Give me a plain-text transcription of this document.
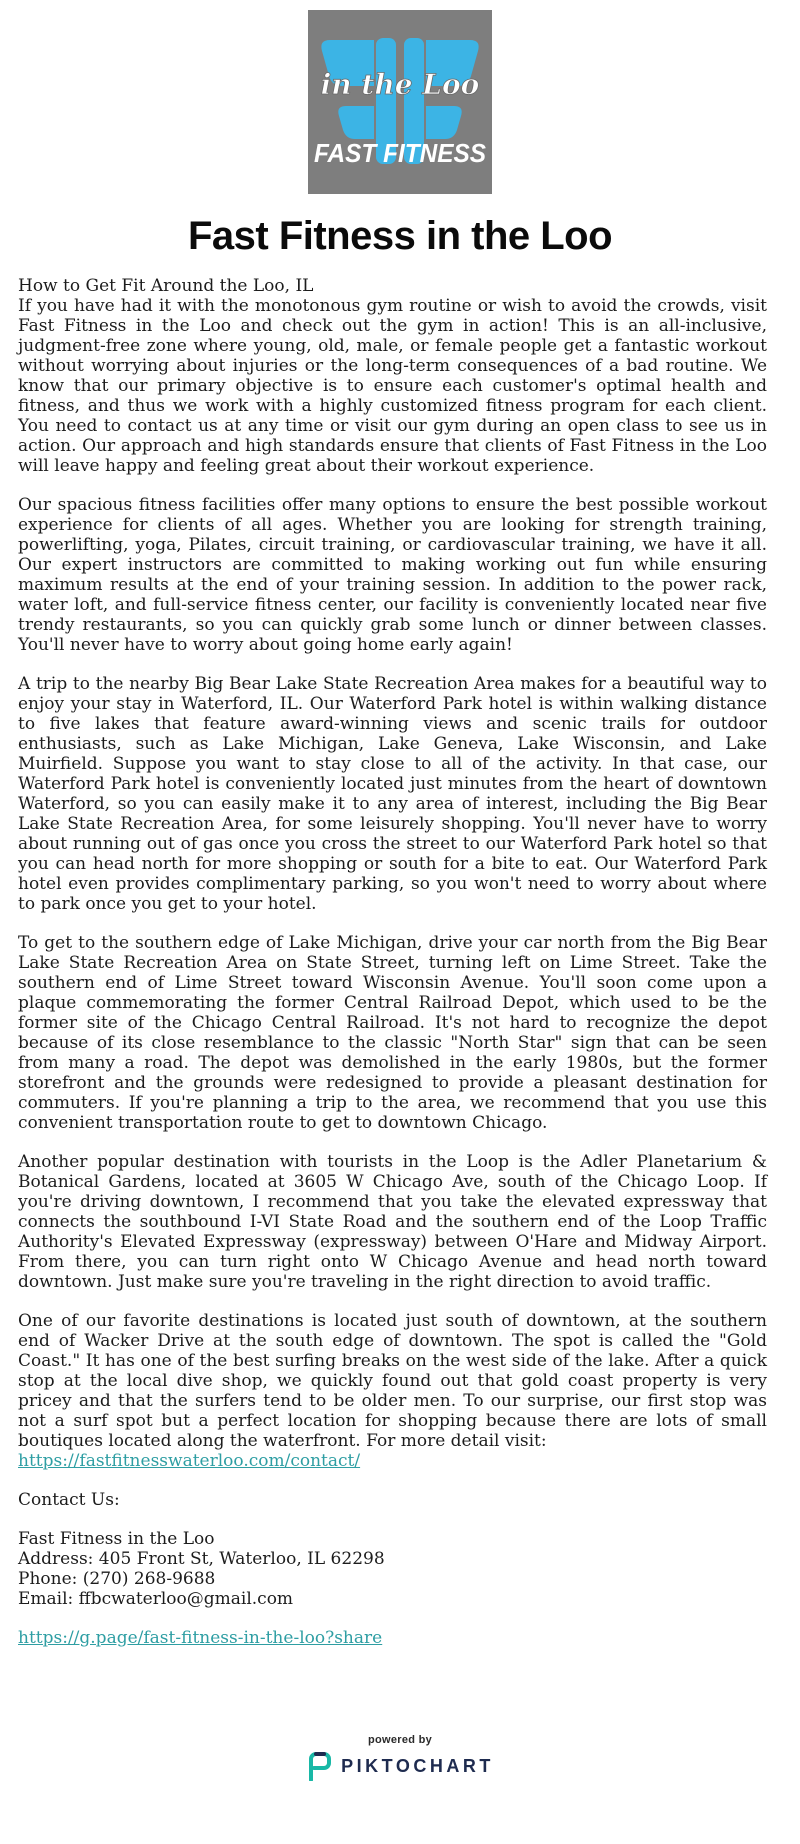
in the Loo
FAST FITNESS
Fast Fitness in the Loo
How to Get Fit Around the Loo, IL

If you have had it with the monotonous gym routine or wish to avoid the crowds, visit Fast Fitness in the Loo and check out the gym in action! This is an all-inclusive, judgment-free zone where young, old, male, or female people get a fantastic workout without worrying about injuries or the long-term consequences of a bad routine. We know that our primary objective is to ensure each customer's optimal health and fitness, and thus we work with a highly customized fitness program for each client. You need to contact us at any time or visit our gym during an open class to see us in action. Our approach and high standards ensure that clients of Fast Fitness in the Loo will leave happy and feeling great about their workout experience.

Our spacious fitness facilities offer many options to ensure the best possible workout experience for clients of all ages. Whether you are looking for strength training, powerlifting, yoga, Pilates, circuit training, or cardiovascular training, we have it all. Our expert instructors are committed to making working out fun while ensuring maximum results at the end of your training session. In addition to the power rack, water loft, and full-service fitness center, our facility is conveniently located near five trendy restaurants, so you can quickly grab some lunch or dinner between classes. You'll never have to worry about going home early again!

A trip to the nearby Big Bear Lake State Recreation Area makes for a beautiful way to enjoy your stay in Waterford, IL. Our Waterford Park hotel is within walking distance to five lakes that feature award-winning views and scenic trails for outdoor enthusiasts, such as Lake Michigan, Lake Geneva, Lake Wisconsin, and Lake Muirfield. Suppose you want to stay close to all of the activity. In that case, our Waterford Park hotel is conveniently located just minutes from the heart of downtown Waterford, so you can easily make it to any area of interest, including the Big Bear Lake State Recreation Area, for some leisurely shopping. You'll never have to worry about running out of gas once you cross the street to our Waterford Park hotel so that you can head north for more shopping or south for a bite to eat. Our Waterford Park hotel even provides complimentary parking, so you won't need to worry about where to park once you get to your hotel.

To get to the southern edge of Lake Michigan, drive your car north from the Big Bear Lake State Recreation Area on State Street, turning left on Lime Street. Take the southern end of Lime Street toward Wisconsin Avenue. You'll soon come upon a plaque commemorating the former Central Railroad Depot, which used to be the former site of the Chicago Central Railroad. It's not hard to recognize the depot because of its close resemblance to the classic "North Star" sign that can be seen from many a road. The depot was demolished in the early 1980s, but the former storefront and the grounds were redesigned to provide a pleasant destination for commuters. If you're planning a trip to the area, we recommend that you use this convenient transportation route to get to downtown Chicago.

Another popular destination with tourists in the Loop is the Adler Planetarium & Botanical Gardens, located at 3605 W Chicago Ave, south of the Chicago Loop. If you're driving downtown, I recommend that you take the elevated expressway that connects the southbound I-VI State Road and the southern end of the Loop Traffic Authority's Elevated Expressway (expressway) between O'Hare and Midway Airport. From there, you can turn right onto W Chicago Avenue and head north toward downtown. Just make sure you're traveling in the right direction to avoid traffic.

One of our favorite destinations is located just south of downtown, at the southern end of Wacker Drive at the south edge of downtown. The spot is called the "Gold Coast." It has one of the best surfing breaks on the west side of the lake. After a quick stop at the local dive shop, we quickly found out that gold coast property is very pricey and that the surfers tend to be older men. To our surprise, our first stop was not a surf spot but a perfect location for shopping because there are lots of small boutiques located along the waterfront. For more detail visit:

https://fastfitnesswaterloo.com/contact/
Contact Us:
Fast Fitness in the Loo
Address: 405 Front St, Waterloo, IL 62298
Phone: (270) 268-9688
Email: ffbcwaterloo@gmail.com
https://g.page/fast-fitness-in-the-loo?share
powered by
PIKTOCHART
